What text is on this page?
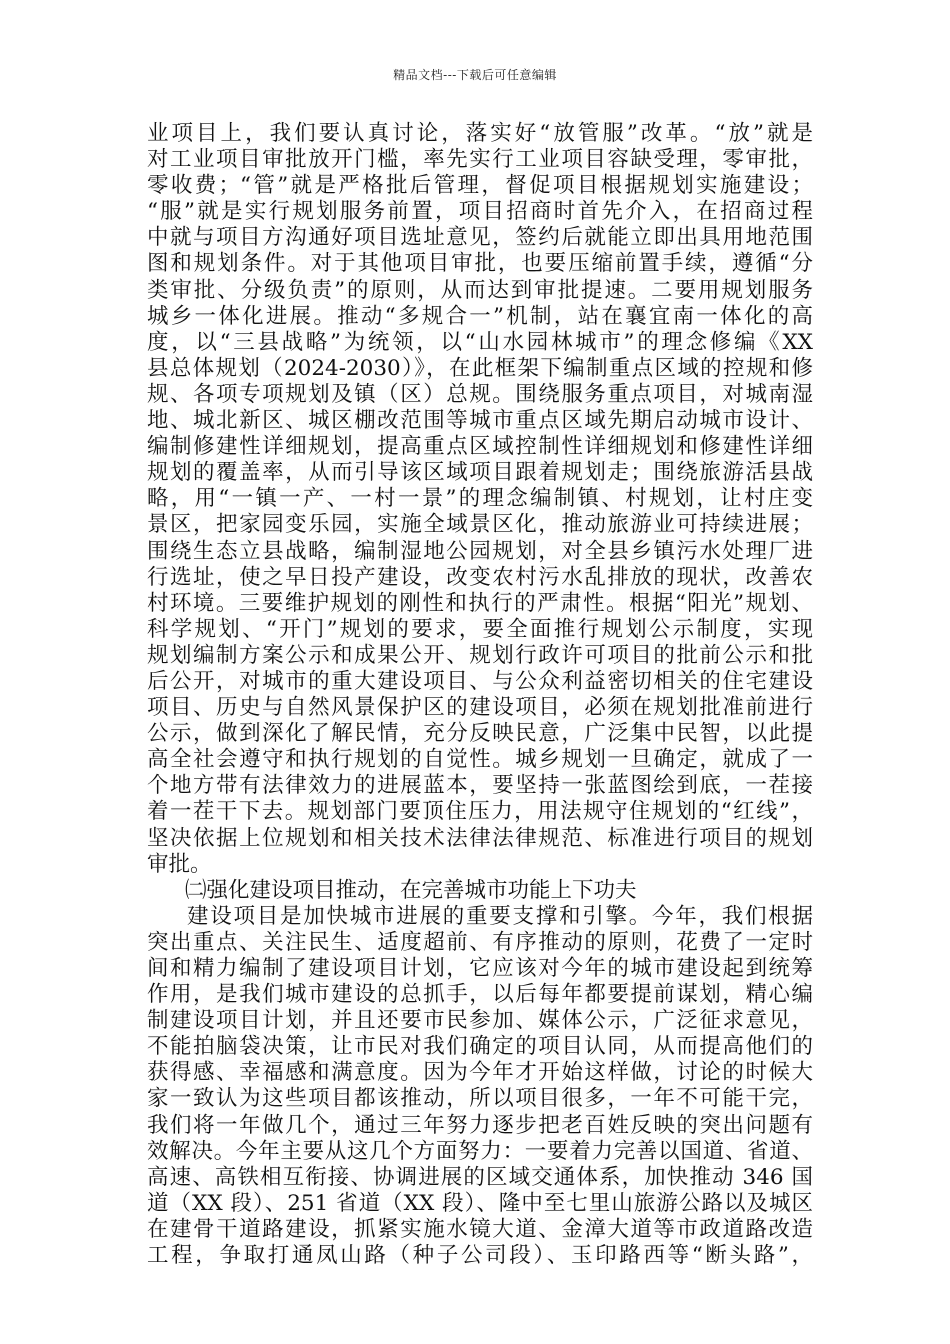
精品文档---下载后可任意编辑
业项目上，我们要认真讨论，落实好“放管服”改革。“放”就是
对工业项目审批放开门槛，率先实行工业项目容缺受理，零审批，
零收费；“管”就是严格批后管理，督促项目根据规划实施建设；
“服”就是实行规划服务前置，项目招商时首先介入，在招商过程
中就与项目方沟通好项目选址意见，签约后就能立即出具用地范围
图和规划条件。对于其他项目审批，也要压缩前置手续，遵循“分
类审批、分级负责”的原则，从而达到审批提速。二要用规划服务
城乡一体化进展。推动“多规合一”机制，站在襄宜南一体化的高
度，以“三县战略”为统领，以“山水园林城市”的理念修编《XX
县总体规划（2024-2030）》，在此框架下编制重点区域的控规和修
规、各项专项规划及镇（区）总规。围绕服务重点项目，对城南湿
地、城北新区、城区棚改范围等城市重点区域先期启动城市设计、
编制修建性详细规划，提高重点区域控制性详细规划和修建性详细
规划的覆盖率，从而引导该区域项目跟着规划走；围绕旅游活县战
略，用“一镇一产、一村一景”的理念编制镇、村规划，让村庄变
景区，把家园变乐园，实施全域景区化，推动旅游业可持续进展；
围绕生态立县战略，编制湿地公园规划，对全县乡镇污水处理厂进
行选址，使之早日投产建设，改变农村污水乱排放的现状，改善农
村环境。三要维护规划的刚性和执行的严肃性。根据“阳光”规划、
科学规划、“开门”规划的要求，要全面推行规划公示制度，实现
规划编制方案公示和成果公开、规划行政许可项目的批前公示和批
后公开，对城市的重大建设项目、与公众利益密切相关的住宅建设
项目、历史与自然风景保护区的建设项目，必须在规划批准前进行
公示，做到深化了解民情，充分反映民意，广泛集中民智，以此提
高全社会遵守和执行规划的自觉性。城乡规划一旦确定，就成了一
个地方带有法律效力的进展蓝本，要坚持一张蓝图绘到底，一茬接
着一茬干下去。规划部门要顶住压力，用法规守住规划的“红线”，
坚决依据上位规划和相关技术法律法律规范、标准进行项目的规划
审批。
㈡强化建设项目推动，在完善城市功能上下功夫
建设项目是加快城市进展的重要支撑和引擎。今年，我们根据
突出重点、关注民生、适度超前、有序推动的原则，花费了一定时
间和精力编制了建设项目计划，它应该对今年的城市建设起到统筹
作用，是我们城市建设的总抓手，以后每年都要提前谋划，精心编
制建设项目计划，并且还要市民参加、媒体公示，广泛征求意见，
不能拍脑袋决策，让市民对我们确定的项目认同，从而提高他们的
获得感、幸福感和满意度。因为今年才开始这样做，讨论的时候大
家一致认为这些项目都该推动，所以项目很多，一年不可能干完，
我们将一年做几个，通过三年努力逐步把老百姓反映的突出问题有
效解决。今年主要从这几个方面努力：一要着力完善以国道、省道、
高速、高铁相互衔接、协调进展的区域交通体系，加快推动 346 国
道（XX 段）、251 省道（XX 段）、隆中至七里山旅游公路以及城区
在建骨干道路建设，抓紧实施水镜大道、金漳大道等市政道路改造
工程，争取打通凤山路（种子公司段）、玉印路西等“断头路”，
